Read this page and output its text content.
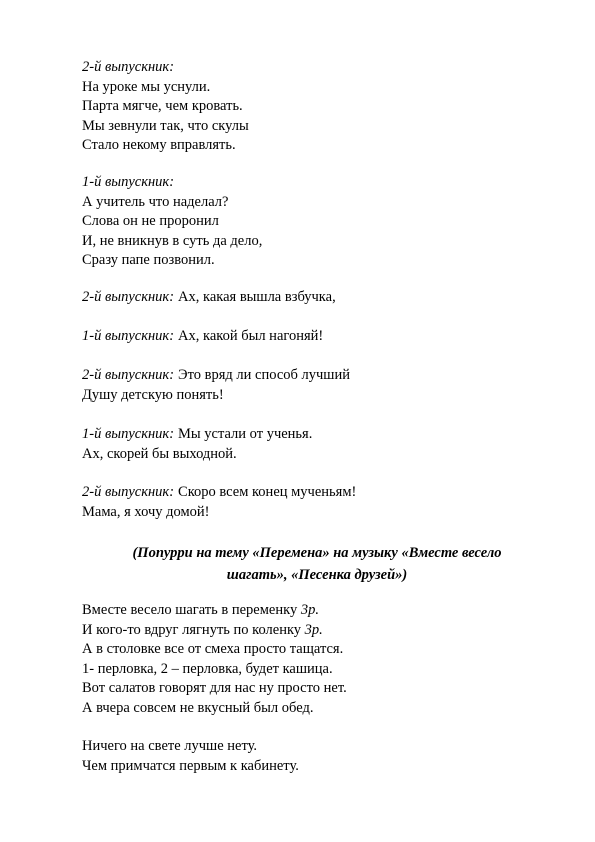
2-й выпускник:
На уроке мы уснули.
Парта мягче, чем кровать.
Мы зевнули так, что скулы
Стало некому вправлять.
1-й выпускник:
А учитель что наделал?
Слова он не проронил
И, не вникнув в суть да дело,
Сразу папе позвонил.
2-й выпускник: Ах, какая вышла взбучка,
1-й выпускник: Ах, какой был нагоняй!
2-й выпускник: Это вряд ли способ лучший
Душу детскую понять!
1-й выпускник: Мы устали от ученья.
Ах, скорей бы выходной.
2-й выпускник: Скоро всем конец мученьям!
Мама, я хочу домой!
(Попурри на тему «Перемена» на музыку «Вместе весело
шагать», «Песенка друзей»)
Вместе весело шагать в переменку 3р.
И кого-то вдруг лягнуть по коленку 3р.
А в столовке все от смеха просто тащатся.
1- перловка, 2 – перловка, будет кашица.
Вот салатов говорят для нас ну просто нет.
А вчера совсем не вкусный был обед.
Ничего на свете лучше нету.
Чем примчатся первым к кабинету.
